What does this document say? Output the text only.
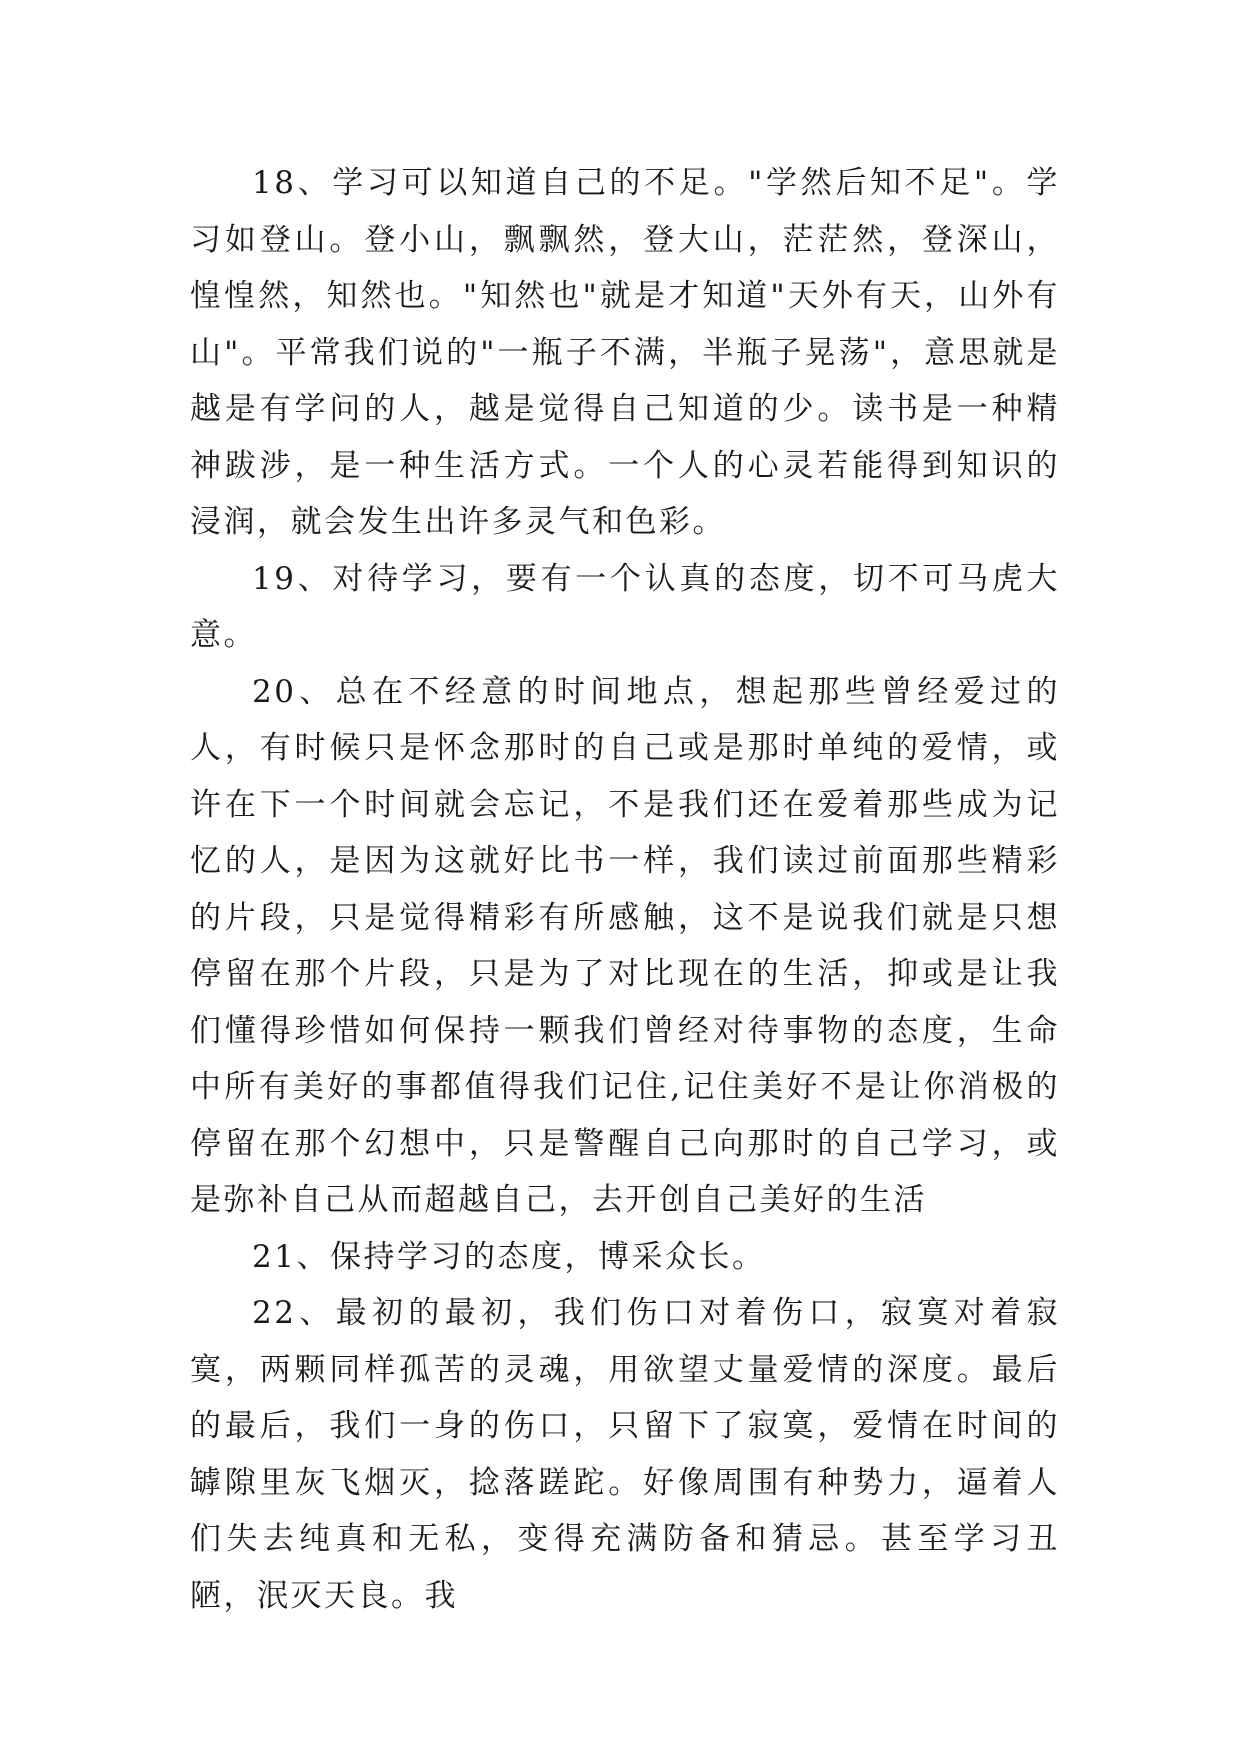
18、学习可以知道自己的不足。"学然后知不足"。学习如登山。登小山，飘飘然，登大山，茫茫然，登深山，惶惶然，知然也。"知然也"就是才知道"天外有天，山外有山"。平常我们说的"一瓶子不满，半瓶子晃荡"，意思就是越是有学问的人，越是觉得自己知道的少。读书是一种精神跋涉，是一种生活方式。一个人的心灵若能得到知识的浸润，就会发生出许多灵气和色彩。

19、对待学习，要有一个认真的态度，切不可马虎大意。

20、总在不经意的时间地点，想起那些曾经爱过的人，有时候只是怀念那时的自己或是那时单纯的爱情，或许在下一个时间就会忘记，不是我们还在爱着那些成为记忆的人，是因为这就好比书一样，我们读过前面那些精彩的片段，只是觉得精彩有所感触，这不是说我们就是只想停留在那个片段，只是为了对比现在的生活，抑或是让我们懂得珍惜如何保持一颗我们曾经对待事物的态度，生命中所有美好的事都值得我们记住,记住美好不是让你消极的停留在那个幻想中，只是警醒自己向那时的自己学习，或是弥补自己从而超越自己，去开创自己美好的生活

21、保持学习的态度，博采众长。

22、最初的最初，我们伤口对着伤口，寂寞对着寂寞，两颗同样孤苦的灵魂，用欲望丈量爱情的深度。最后的最后，我们一身的伤口，只留下了寂寞，爱情在时间的罅隙里灰飞烟灭，捻落蹉跎。好像周围有种势力，逼着人们失去纯真和无私，变得充满防备和猜忌。甚至学习丑陋，泯灭天良。我
